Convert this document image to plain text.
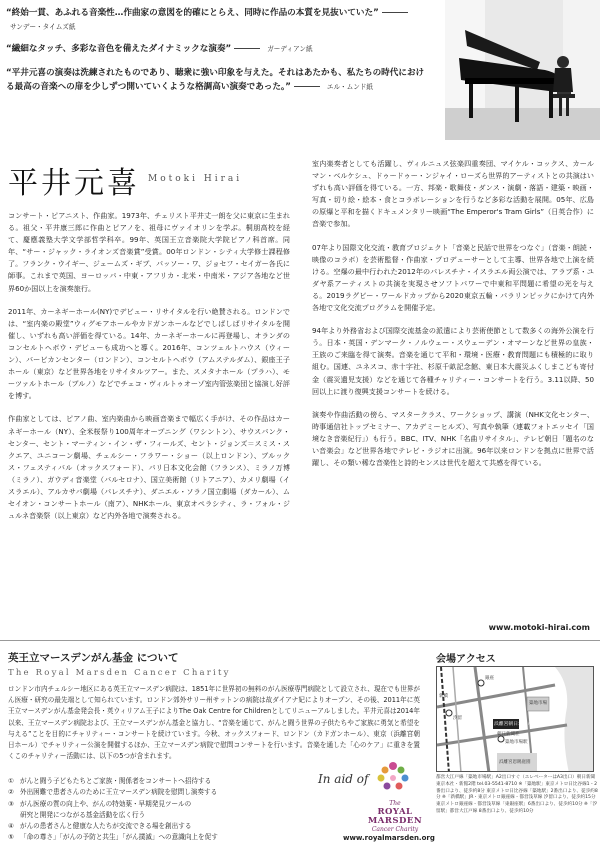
“終始一貫、あふれる音楽性…作曲家の意図を的確にとらえ、同時に作品の本質を見抜いていた”サンデー・タイムズ紙
“繊細なタッチ、多彩な音色を備えたダイナミックな演奏”	ガーディアン紙
“平井元喜の演奏は洗練されたものであり、聴衆に強い印象を与えた。それはあたかも、私たちの時代における最高の音楽への扉を少しずつ開いていくような格調高い演奏であった。”	エル・ムンド紙
平井元喜 Motoki Hirai

コンサート・ピアニスト、作曲家。1973年、チェリスト平井丈一朗を父に東京に生まれる。祖父・平井康三郎に作曲とピアノを、祖母にヴァイオリンを学ぶ。桐朋高校を経て、慶應義塾大学文学部哲学科卒。99年、英国王立音楽院大学院ピアノ科首席。同年、“サー・ジャック・ライオンズ音楽賞”受賞。00年ロンドン・シティ大学修士課程修了。フランク・ウイギー、ジェームズ・ギブ、パッソー・ワ、ジョセフ・セイガー各氏に師事。これまで英国、ヨーロッパ・中東・アフリカ・北米・中南米・アジア各地など世界60か国以上を演奏旅行。

2011年、カーネギーホール(NY)でデビュー・リサイタルを行い絶賛される。ロンドンでは、“室内楽の殿堂”ウィグモアホールやカドガンホールなどでしばしばリサイタルを開催し、いずれも高い評価を得ている。14年、カーネギーホールに再登場し、オランダのコンセルトヘボウ・デビューも成功へと導く。2016年、コンツェルトハウス（ウィーン）、バービカンセンター（ロンドン）、コンセルトヘボウ（アムステルダム）、銀座王子ホール（東京）など世界各地をリサイタルツアー。また、スメタナホール（プラハ）、モーツァルトホール（ブルノ）などでチェコ・ヴィルトゥオーゾ室内管弦楽団と協演し好評を博す。

作曲家としては、ピアノ曲、室内楽曲から映画音楽まで幅広く手がけ、その作品はカーネギーホール（NY）、全米桜祭り100周年オープニング（ワシントン）、サウスバンク・センター、セント・マーティン・イン・ザ・フィールズ、セント・ジョンズ＝スミス・スクエア、ユニコーン劇場、チェルシー・フラワー・ショー（以上ロンドン）、ブルックス・フェスティバル（オックスフォード）、パリ日本文化会館（フランス）、ミラノ万博（ミラノ）、ガウディ音楽堂（バルセロナ）、国立美術館（リトアニア）、カメリ劇場（イスラエル）、アルカサバ劇場（パレスチナ）、ダニエル・ソラノ国立劇場（ダカール）、ムセイオン・コンサートホール（南ア）、NHKホール、東京オペラシティ、ラ・フォル・ジュルネ音楽祭（以上東京）など内外各地で演奏される。

室内楽奏者としても活躍し、ヴィルニュス弦楽四重奏団、マイケル・コックス、カールマン・ベルケシュ、ドゥードゥー・ンジャイ・ローズら世界的アーティストとの共演はいずれも高い評価を得ている。一方、邦楽・歌舞伎・ダンス・演劇・落語・建築・映画・写真・切り絵・絵本・食とコラボレーションを行うなど多彩な活動を展開。05年、広島の原爆と平和を描くドキュメンタリー映画“The Emperor's Tram Girls”（日英合作）に音楽で参加。

07年より国際文化交流・教育プロジェクト「音楽と民話で世界をつなぐ」（音楽・朗読・映像のコラボ）を芸術監督・作曲家・プロデューサーとして主導、世界各地で上演を続ける。空爆の最中行われた2012年のパレスチナ・イスラエル両公演では、アラブ系・ユダヤ系アーティストの共演を実現させソフトパワーで中東和平問題に希望の光を与える。2019ラグビー・ワールドカップから2020東京五輪・パラリンピックにかけて内外各地で文化交流プログラムを開催予定。

94年より外務省および国際交流基金の派遣により芸術使節として数多くの海外公演を行う。日本・英国・デンマーク・ノルウェー・スウェーデン・オマーンなど世界の皇族・王族のご来臨を得て演奏。音楽を通じて平和・環境・医療・教育問題にも積極的に取り組む。国連、ユネスコ、赤十字社、杉原千畝記念館、東日本大震災ふくしまこども寄付金（震災遺児支援）などを通じて各種チャリティー・コンサートを行う。3.11以降、50回以上に渡り復興支援コンサートを続ける。

演奏や作曲活動の傍ら、マスタークラス、ワークショップ、講演（NHK文化センター、時事通信社トップセミナー、アカデミーヒルズ）、写真や執筆（連載フォトエッセイ「国境なき音楽紀行」）も行う。BBC、ITV、NHK「名曲リサイタル」、テレビ朝日「題名のない音楽会」など世界各地でテレビ・ラジオに出演。96年以来ロンドンを拠点に世界で活躍し、その類い稀な音楽性と詩的センスは世代を超えて共感を得ている。

www.motoki-hirai.com
英王立マースデンがん基金 について
The Royal Marsden Cancer Charity
ロンドン市内チェルシー地区にある英王立マースデン病院は、1851年に世界初の無料のがん医療専門病院として設立され、現在でも世界がん医療・研究の最先端として知られています。ロンドン郊外サリー州サットンの病院は故ダイアナ妃によりオープン、その後、2011年に英王立マースデンがん基金発会長・英ウィリアム王子によりThe Oak Centre for Childrenとしてリニューアルしました。平井元喜は2014年以来、王立マースデン病院および、王立マースデンがん基金と協力し、“音楽を通じて、がんと闘う世界の子供たちやご家族に勇気と希望を与える”ことを目的にチャリティー・コンサートを続けています。今秋、オックスフォード、ロンドン（カドガンホール）、東京（浜離宮朝日ホール）でチャリティー公演を開催するほか、王立マースデン病院で慰問コンサートを行います。音楽を通した「心のケア」に重きを置くこのチャリティー活動には、以下の5つが含まれます。
① がんと闘う子どもたちとご家族・関係者をコンサートへ招待する
② 外出困難で患者さんのために王立マースデン病院を慰問し演奏する
③ がん医療の質の向上や、がんの特効薬・早期発見ツールの
研究と開発につながる基金活動を広く行う
④ がんの患者さんと健康な人たちが交流できる場を創出する
⑤ 「命の尊さ」「がんの予防と共生」「がん撲滅」への意識向上を促す
In aid of
The
ROYAL
MARSDEN
Cancer Charity
www.royalmarsden.org
会場アクセス
浜離宮朝日ホール
朝日新聞社
築地市場
汐留
新橋
銀座
築地市場駅
浜離宮恩賜庭園
都営大江戸線「築地市場駅」A2出口すぐ（エレベーターはA3出口）朝日新聞東京本社・新館2階 tel.03-5541-8710 ※「築地駅」東京メトロ日比谷線1・2番出口より、徒歩約8分 東京メトロ日比谷線「築地駅」2番出口より、徒歩約8分 ※「新橋駅」JR・東京メトロ銀座線・都営浅草線 汐留口より、徒歩約15分 東京メトロ銀座線・都営浅草線「東銀座駅」6番出口より、徒歩約10分 ※「汐留駅」都営大江戸線 8番出口より、徒歩約10分
